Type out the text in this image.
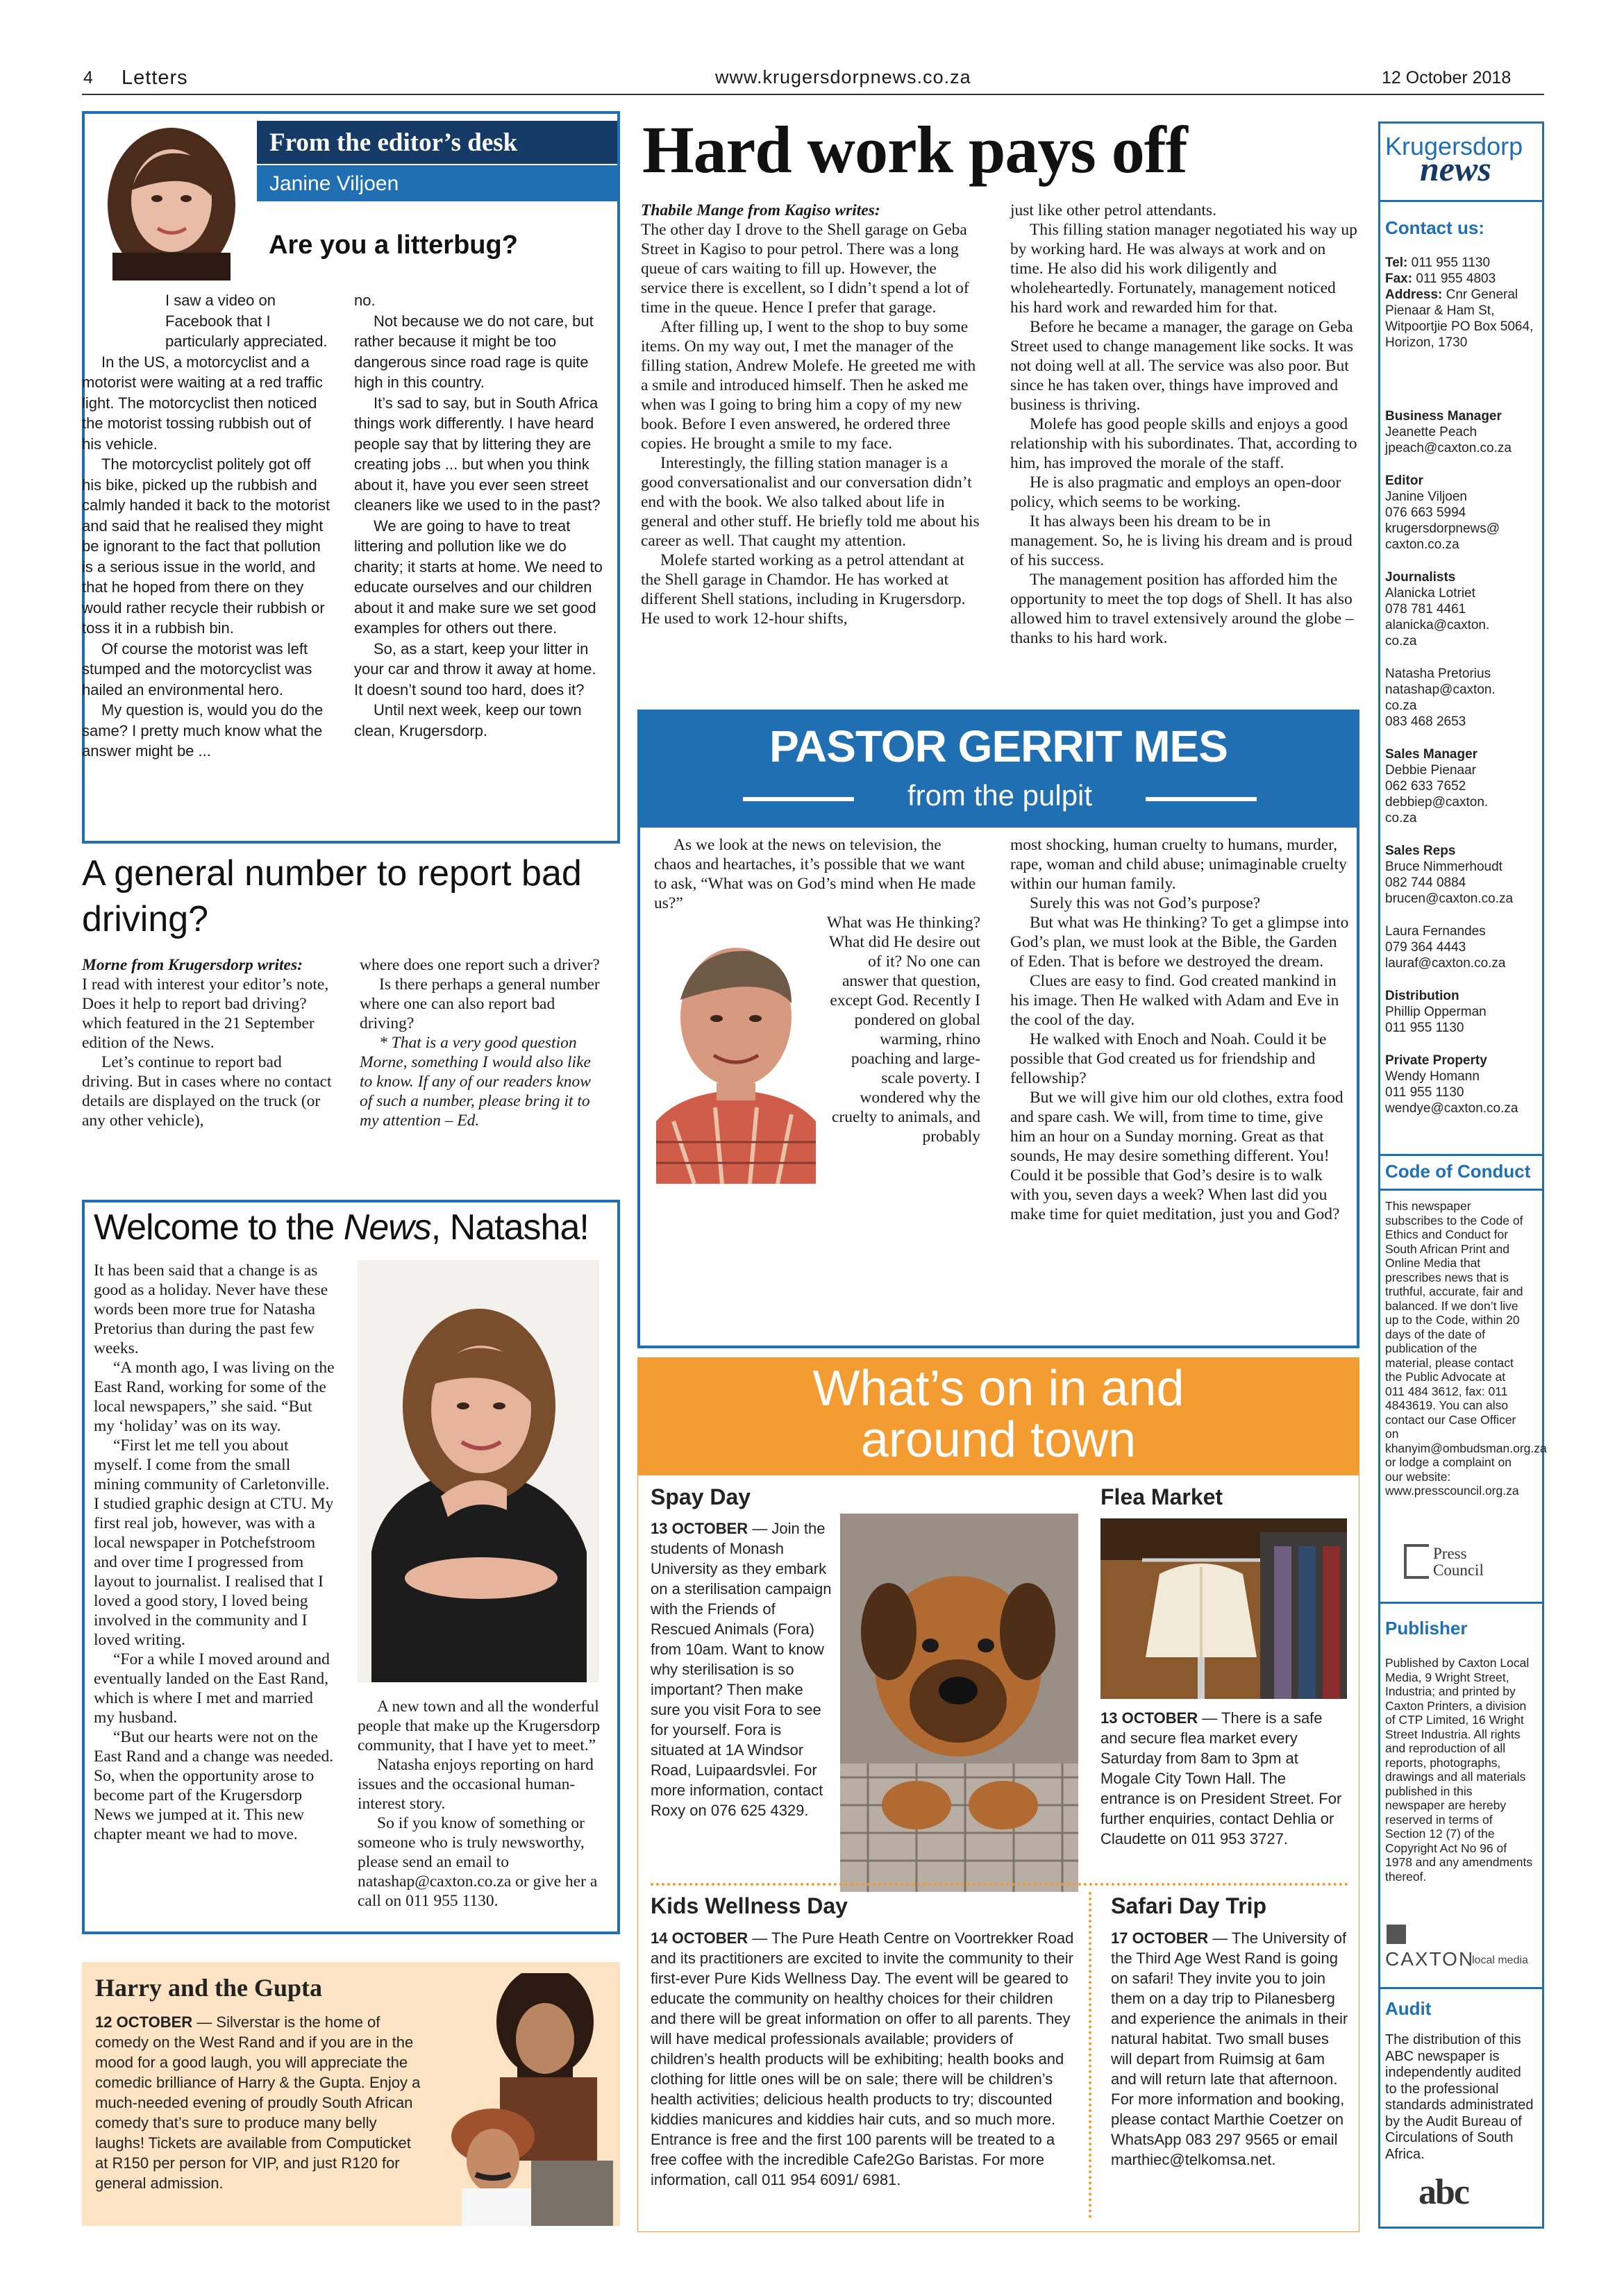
4 Letters	www.krugersdorpnews.co.za	12 October 2018
From the editor’s desk
Janine Viljoen
Are you a litterbug?

I saw a video on Facebook that I particularly appreciated.

In the US, a motorcyclist and a motorist were waiting at a red traffic light. The motorcyclist then noticed the motorist tossing rubbish out of his vehicle.

The motorcyclist politely got off his bike, picked up the rubbish and calmly handed it back to the motorist and said that he realised they might be ignorant to the fact that pollution is a serious issue in the world, and that he hoped from there on they would rather recycle their rubbish or toss it in a rubbish bin.

Of course the motorist was left stumped and the motorcyclist was hailed an environmental hero.

My question is, would you do the same? I pretty much know what the answer might be ...

no.

Not because we do not care, but rather because it might be too dangerous since road rage is quite high in this country.

It’s sad to say, but in South Africa things work differently. I have heard people say that by littering they are creating jobs ... but when you think about it, have you ever seen street cleaners like we used to in the past?

We are going to have to treat littering and pollution like we do charity; it starts at home. We need to educate ourselves and our children about it and make sure we set good examples for others out there.

So, as a start, keep your litter in your car and throw it away at home. It doesn’t sound too hard, does it?

Until next week, keep our town clean, Krugersdorp.

A general number to report bad driving?

Morne from Krugersdorp writes:

I read with interest your editor’s note, Does it help to report bad driving? which featured in the 21 September edition of the News.

Let’s continue to report bad driving. But in cases where no contact details are displayed on the truck (or any other vehicle),

where does one report such a driver?

Is there perhaps a general number where one can also report bad driving?

* That is a very good question Morne, something I would also like to know. If any of our readers know of such a number, please bring it to my attention – Ed.

Welcome to the News, Natasha!

It has been said that a change is as good as a holiday. Never have these words been more true for Natasha Pretorius than during the past few weeks.

“A month ago, I was living on the East Rand, working for some of the local newspapers,” she said. “But my ‘holiday’ was on its way.

“First let me tell you about myself. I come from the small mining community of Carletonville. I studied graphic design at CTU. My first real job, however, was with a local newspaper in Potchefstroom and over time I progressed from layout to journalist. I realised that I loved a good story, I loved being involved in the community and I loved writing.

“For a while I moved around and eventually landed on the East Rand, which is where I met and married my husband.

“But our hearts were not on the East Rand and a change was needed. So, when the opportunity arose to become part of the Krugersdorp News we jumped at it. This new chapter meant we had to move.

A new town and all the wonderful people that make up the Krugersdorp community, that I have yet to meet.”

Natasha enjoys reporting on hard issues and the occasional human-interest story.

So if you know of something or someone who is truly newsworthy, please send an email to natashap@caxton.co.za or give her a call on 011 955 1130.

Harry and the Gupta
12 OCTOBER — Silverstar is the home of comedy on the West Rand and if you are in the mood for a good laugh, you will appreciate the comedic brilliance of Harry & the Gupta. Enjoy a much-needed evening of proudly South African comedy that’s sure to produce many belly laughs! Tickets are available from Computicket at R150 per person for VIP, and just R120 for general admission.
Hard work pays off

Thabile Mange from Kagiso writes:

The other day I drove to the Shell garage on Geba Street in Kagiso to pour petrol. There was a long queue of cars waiting to fill up. However, the service there is excellent, so I didn’t spend a lot of time in the queue. Hence I prefer that garage.

After filling up, I went to the shop to buy some items. On my way out, I met the manager of the filling station, Andrew Molefe. He greeted me with a smile and introduced himself. Then he asked me when was I going to bring him a copy of my new book. Before I even answered, he ordered three copies. He brought a smile to my face.

Interestingly, the filling station manager is a good conversationalist and our conversation didn’t end with the book. We also talked about life in general and other stuff. He briefly told me about his career as well. That caught my attention.

Molefe started working as a petrol attendant at the Shell garage in Chamdor. He has worked at different Shell stations, including in Krugersdorp. He used to work 12-hour shifts,

just like other petrol attendants.

This filling station manager negotiated his way up by working hard. He was always at work and on time. He also did his work diligently and wholeheartedly. Fortunately, management noticed his hard work and rewarded him for that.

Before he became a manager, the garage on Geba Street used to change management like socks. It was not doing well at all. The service was also poor. But since he has taken over, things have improved and business is thriving.

Molefe has good people skills and enjoys a good relationship with his subordinates. That, according to him, has improved the morale of the staff.

He is also pragmatic and employs an open-door policy, which seems to be working.

It has always been his dream to be in management. So, he is living his dream and is proud of his success.

The management position has afforded him the opportunity to meet the top dogs of Shell. It has also allowed him to travel extensively around the globe – thanks to his hard work.

PASTOR GERRIT MES
from the pulpit

As we look at the news on television, the chaos and heartaches, it’s possible that we want to ask, “What was on God’s mind when He made us?”

What was He thinking? What did He desire out of it? No one can answer that question, except God. Recently I pondered on global warming, rhino poaching and large-scale poverty. I wondered why the cruelty to animals, and probably

most shocking, human cruelty to humans, murder, rape, woman and child abuse; unimaginable cruelty within our human family.

Surely this was not God’s purpose?

But what was He thinking? To get a glimpse into God’s plan, we must look at the Bible, the Garden of Eden. That is before we destroyed the dream.

Clues are easy to find. God created mankind in his image. Then He walked with Adam and Eve in the cool of the day.

He walked with Enoch and Noah. Could it be possible that God created us for friendship and fellowship?

But we will give him our old clothes, extra food and spare cash. We will, from time to time, give him an hour on a Sunday morning. Great as that sounds, He may desire something different. You! Could it be possible that God’s desire is to walk with you, seven days a week? When last did you make time for quiet meditation, just you and God?

What’s on in and
around town
Spay Day
13 OCTOBER — Join the students of Monash University as they embark on a sterilisation campaign with the Friends of Rescued Animals (Fora) from 10am. Want to know why sterilisation is so important? Then make sure you visit Fora to see for yourself. Fora is situated at 1A Windsor Road, Luipaardsvlei. For more information, contact Roxy on 076 625 4329.
Flea Market
13 OCTOBER — There is a safe and secure flea market every Saturday from 8am to 3pm at Mogale City Town Hall. The entrance is on President Street. For further enquiries, contact Dehlia or Claudette on 011 953 3727.
Kids Wellness Day
14 OCTOBER — The Pure Heath Centre on Voortrekker Road and its practitioners are excited to invite the community to their first-ever Pure Kids Wellness Day. The event will be geared to educate the community on healthy choices for their children and there will be great information on offer to all parents. They will have medical professionals available; providers of children’s health products will be exhibiting; health books and clothing for little ones will be on sale; there will be children’s health activities; delicious health products to try; discounted kiddies manicures and kiddies hair cuts, and so much more. Entrance is free and the first 100 parents will be treated to a free coffee with the incredible Cafe2Go Baristas. For more information, call 011 954 6091/ 6981.
Safari Day Trip
17 OCTOBER — The University of the Third Age West Rand is going on safari! They invite you to join them on a day trip to Pilanesberg and experience the animals in their natural habitat. Two small buses will depart from Ruimsig at 6am and will return late that afternoon. For more information and booking, please contact Marthie Coetzer on WhatsApp 083 297 9565 or email marthiec@telkomsa.net.
Krugersdorp
news
Contact us:
Tel: 011 955 1130
Fax: 011 955 4803
Address: Cnr General Pienaar & Ham St, Witpoortjie PO Box 5064, Horizon, 1730
Business Manager
Jeanette Peach
jpeach@caxton.co.za
Editor
Janine Viljoen
076 663 5994
krugersdorpnews@
caxton.co.za
Journalists
Alanicka Lotriet
078 781 4461
alanicka@caxton.
co.za
Natasha Pretorius
natashap@caxton.
co.za
083 468 2653
Sales Manager
Debbie Pienaar
062 633 7652
debbiep@caxton.
co.za
Sales Reps
Bruce Nimmerhoudt
082 744 0884
brucen@caxton.co.za
Laura Fernandes
079 364 4443
lauraf@caxton.co.za
Distribution
Phillip Opperman
011 955 1130
Private Property
Wendy Homann
011 955 1130
wendye@caxton.co.za
Code of Conduct
This newspaper subscribes to the Code of Ethics and Conduct for South African Print and Online Media that prescribes news that is truthful, accurate, fair and balanced. If we don’t live up to the Code, within 20 days of the date of publication of the material, please contact the Public Advocate at 011 484 3612, fax: 011 4843619. You can also contact our Case Officer on khanyim@ombudsman.org.za or lodge a complaint on our website: www.presscouncil.org.za
Press Council
Publisher
Published by Caxton Local Media, 9 Wright Street, Industria; and printed by Caxton Printers, a division of CTP Limited, 16 Wright Street Industria. All rights and reproduction of all reports, photographs, drawings and all materials published in this newspaper are hereby reserved in terms of Section 12 (7) of the Copyright Act No 96 of 1978 and any amendments thereof.
CAXTON
local media
Audit
The distribution of this ABC newspaper is independently audited to the professional standards administrated by the Audit Bureau of Circulations of South Africa.
abc
